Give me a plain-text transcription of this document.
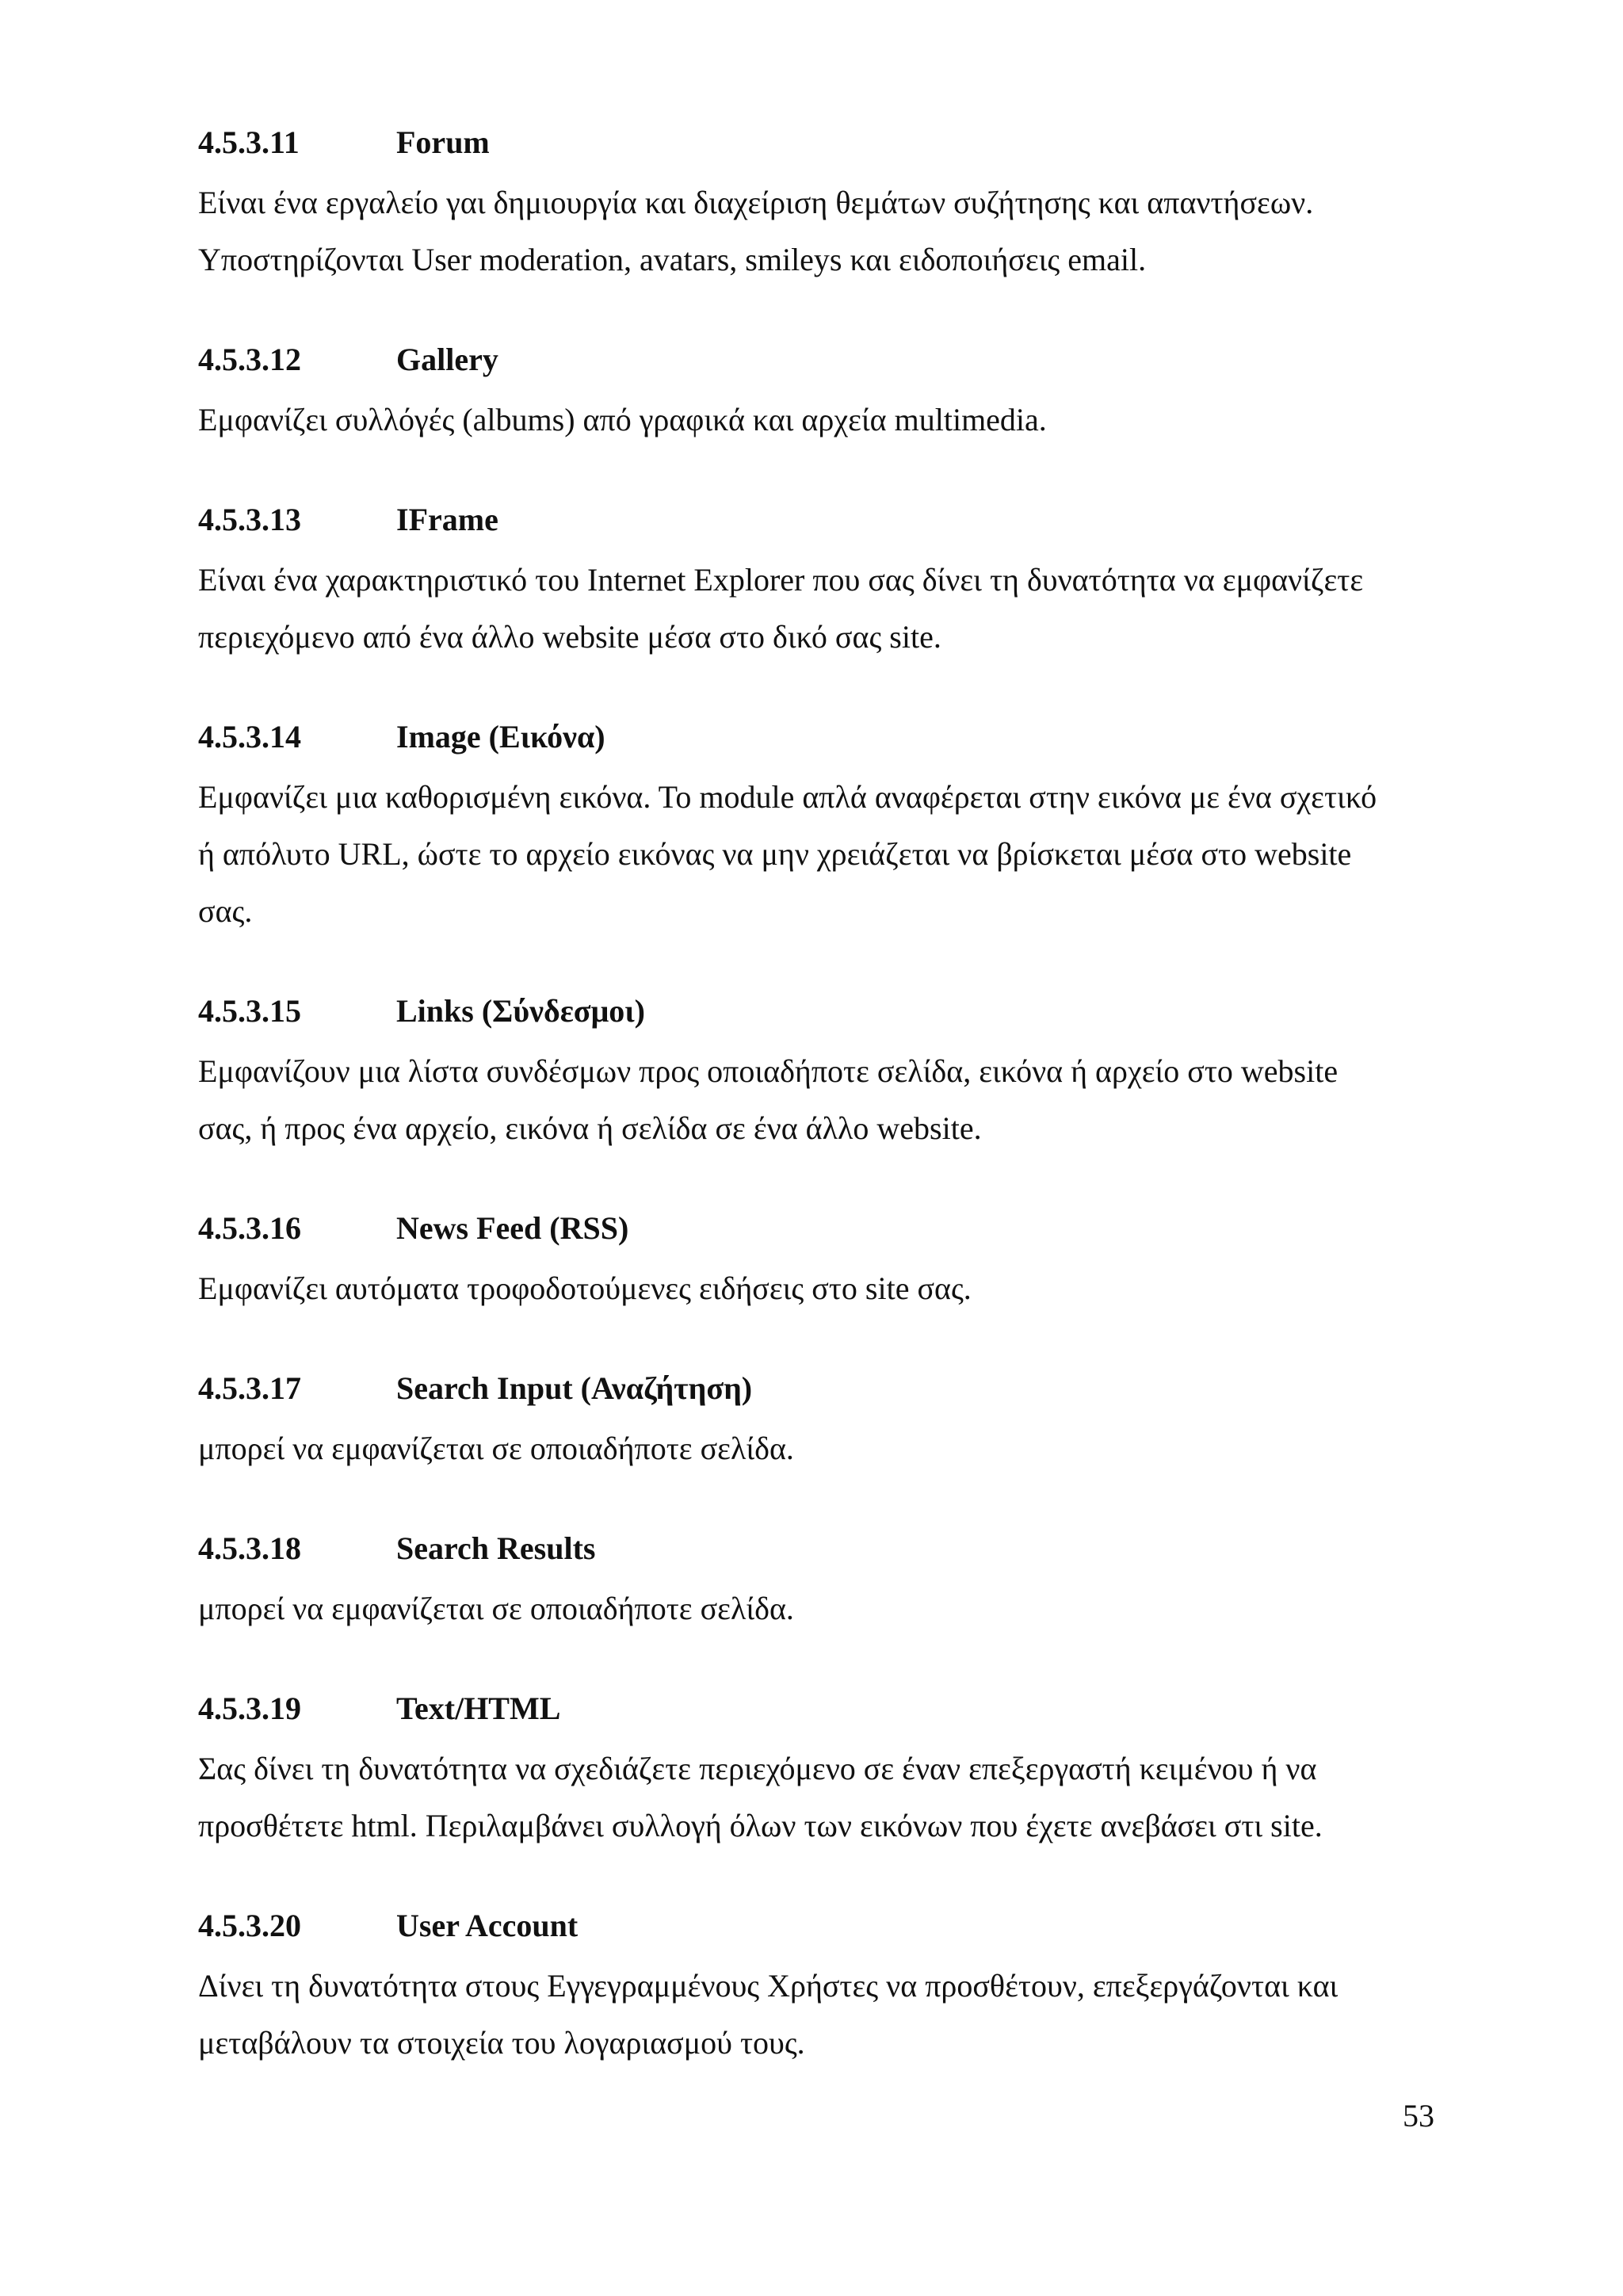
4.5.3.11	Forum
Είναι ένα εργαλείο γαι δημιουργία και διαχείριση θεμάτων συζήτησης και απαντήσεων.
Υποστηρίζονται User moderation, avatars, smileys και ειδοποιήσεις email.
4.5.3.12	Gallery
Εμφανίζει συλλόγές (albums) από γραφικά και αρχεία multimedia.
4.5.3.13	IFrame
Είναι ένα χαρακτηριστικό του Internet Explorer που σας δίνει τη δυνατότητα να εμφανίζετε
περιεχόμενο από ένα άλλο website μέσα στο δικό σας site.
4.5.3.14	Image (Εικόνα)
Εμφανίζει μια καθορισμένη εικόνα. Το module απλά αναφέρεται στην εικόνα με ένα σχετικό
ή απόλυτο URL, ώστε το αρχείο εικόνας να μην χρειάζεται να βρίσκεται μέσα στο website
σας.
4.5.3.15	Links (Σύνδεσμοι)
Εμφανίζουν μια λίστα συνδέσμων προς οποιαδήποτε σελίδα, εικόνα ή αρχείο στο website
σας, ή προς ένα αρχείο, εικόνα ή σελίδα σε ένα άλλο website.
4.5.3.16	News Feed (RSS)
Εμφανίζει αυτόματα τροφοδοτούμενες ειδήσεις στο site σας.
4.5.3.17	Search Input (Αναζήτηση)
μπορεί να εμφανίζεται σε οποιαδήποτε σελίδα.
4.5.3.18	Search Results
μπορεί να εμφανίζεται σε οποιαδήποτε σελίδα.
4.5.3.19	Text/HTML
Σας δίνει τη δυνατότητα να σχεδιάζετε περιεχόμενο σε έναν επεξεργαστή κειμένου ή να
προσθέτετε html. Περιλαμβάνει συλλογή όλων των εικόνων που έχετε ανεβάσει στι site.
4.5.3.20	User Account
Δίνει τη δυνατότητα στους Εγγεγραμμένους Χρήστες να προσθέτουν, επεξεργάζονται και
μεταβάλουν τα στοιχεία του λογαριασμού τους.
53
